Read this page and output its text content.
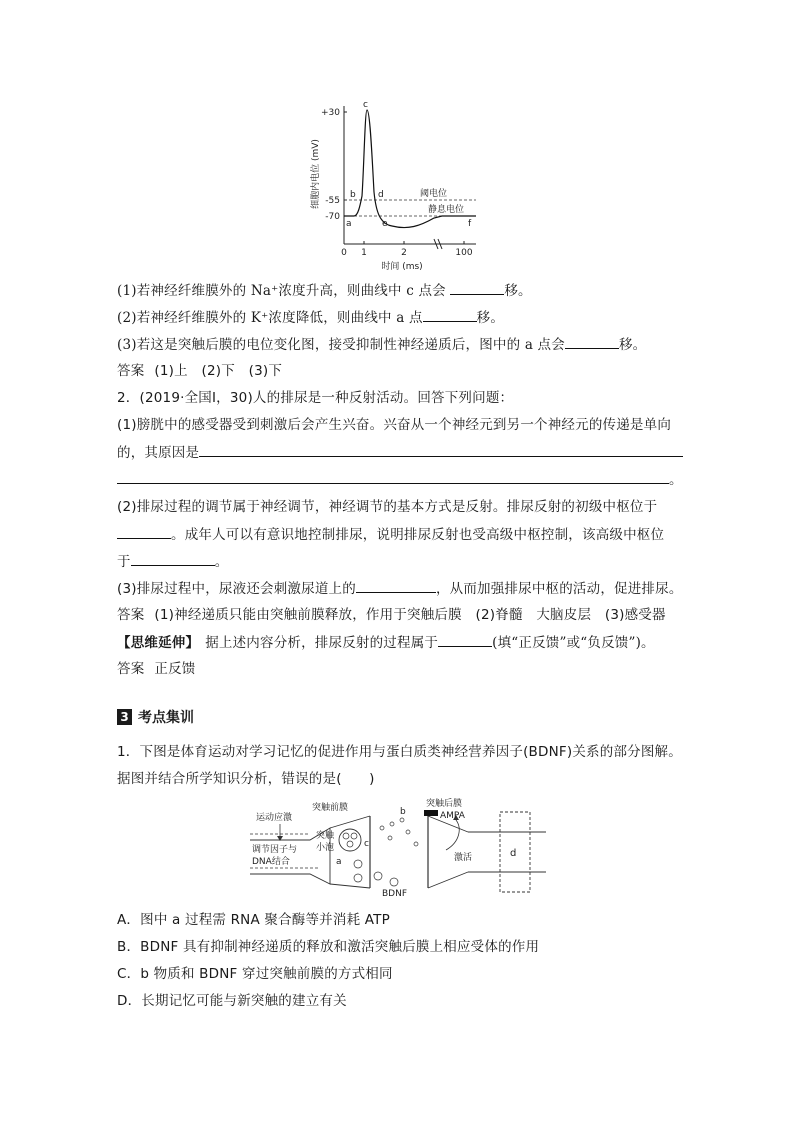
+30
-55
-70
0 1	2	100
细胞内电位 (mV)
时间 (ms)
c
b d
a	e	f
阈电位
静息电位
(1)若神经纤维膜外的 Na⁺浓度升高，则曲线中 c 点会	移。
(2)若神经纤维膜外的 K⁺浓度降低，则曲线中 a 点	移。
(3)若这是突触后膜的电位变化图，接受抑制性神经递质后，图中的 a 点会	移。
答案 (1)上　(2)下　(3)下
2．(2019·全国Ⅰ，30)人的排尿是一种反射活动。回答下列问题：
(1)膀胱中的感受器受到刺激后会产生兴奋。兴奋从一个神经元到另一个神经元的传递是单向
的，其原因是
。
(2)排尿过程的调节属于神经调节，神经调节的基本方式是反射。排尿反射的初级中枢位于
。成年人可以有意识地控制排尿，说明排尿反射也受高级中枢控制，该高级中枢位
于	。
(3)排尿过程中，尿液还会刺激尿道上的	，从而加强排尿中枢的活动，促进排尿。
答案 (1)神经递质只能由突触前膜释放，作用于突触后膜　(2)脊髓　大脑皮层　(3)感受器
【思维延伸】 据上述内容分析，排尿反射的过程属于	(填“正反馈”或“负反馈”)。
答案 正反馈
3 考点集训
1．下图是体育运动对学习记忆的促进作用与蛋白质类神经营养因子(BDNF)关系的部分图解。
据图并结合所学知识分析，错误的是(　　)
运动应激
调节因子与
DNA结合
突触前膜	突触后膜
突触
小泡
AMPA
激活
BDNF
a
b
c
d
A．图中 a 过程需 RNA 聚合酶等并消耗 ATP
B．BDNF 具有抑制神经递质的释放和激活突触后膜上相应受体的作用
C．b 物质和 BDNF 穿过突触前膜的方式相同
D．长期记忆可能与新突触的建立有关
